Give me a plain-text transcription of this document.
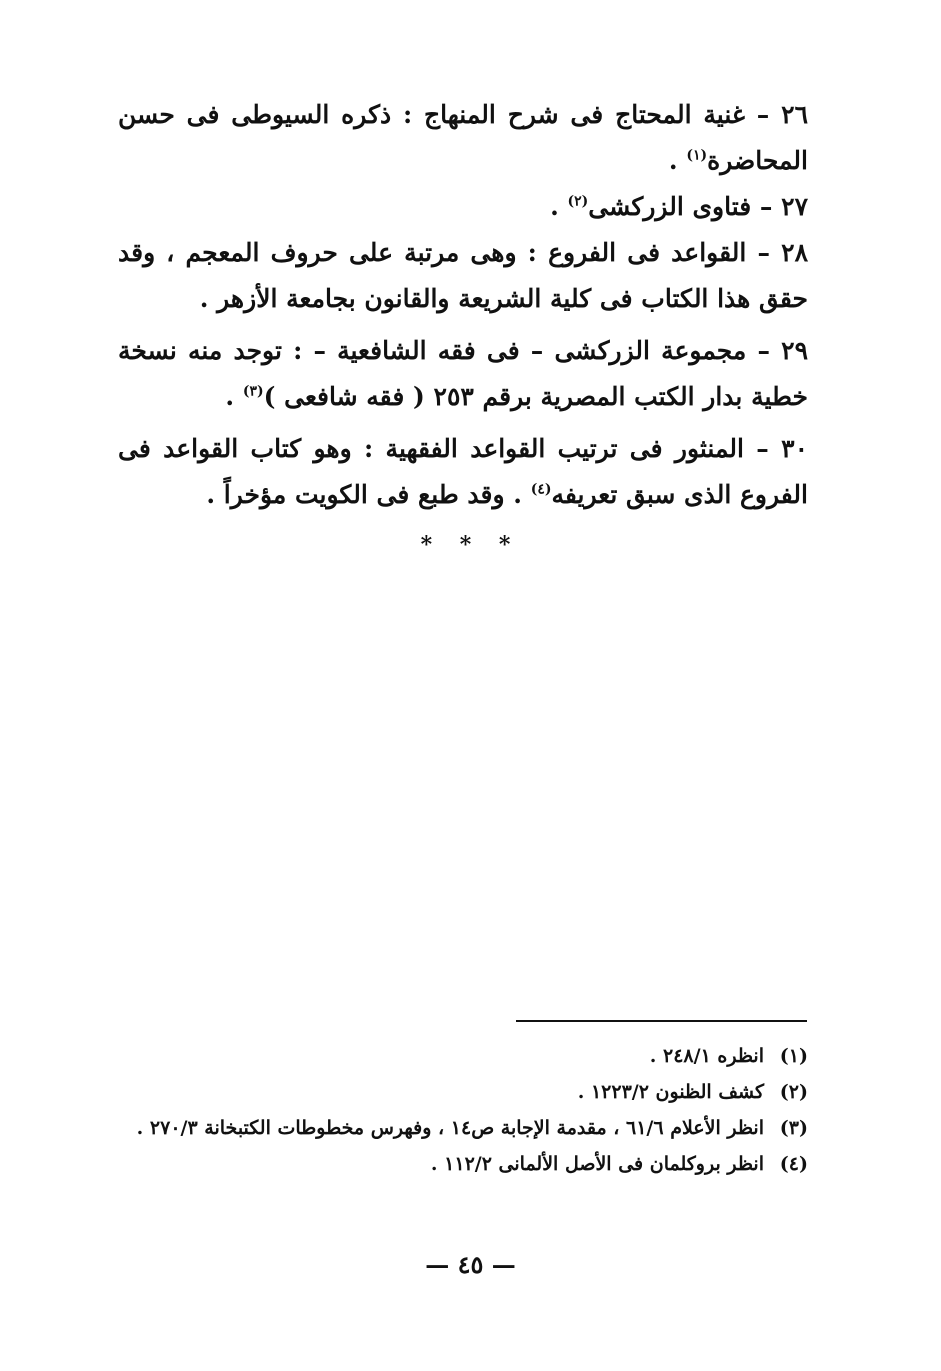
٢٦ – غنية المحتاج فى شرح المنهاج : ذكره السيوطى فى حسن المحاضرة$^{(١)}$ .

٢٧ – فتاوى الزركشى$^{(٢)}$ .

٢٨ – القواعد فى الفروع : وهى مرتبة على حروف المعجم ، وقد حقق هذا الكتاب فى كلية الشريعة والقانون بجامعة الأزهر .

٢٩ – مجموعة الزركشى – فى فقه الشافعية – : توجد منه نسخة خطية بدار الكتب المصرية برقم ٢٥٣ ( فقه شافعى )$^{(٣)}$ .

٣٠ – المنثور فى ترتيب القواعد الفقهية : وهو كتاب القواعد فى الفروع الذى سبق تعريفه$^{(٤)}$ . وقد طبع فى الكويت مؤخراً .

* * *
(١)
انظره ٢٤٨/١ .
(٢)
كشف الظنون ١٢٢٣/٢ .
(٣)
انظر الأعلام ٦١/٦ ، مقدمة الإجابة ص١٤ ، وفهرس مخطوطات الكتبخانة ٢٧٠/٣ .
(٤)
انظر بروكلمان فى الأصل الألمانى ١١٢/٢ .
— ٤٥ —
